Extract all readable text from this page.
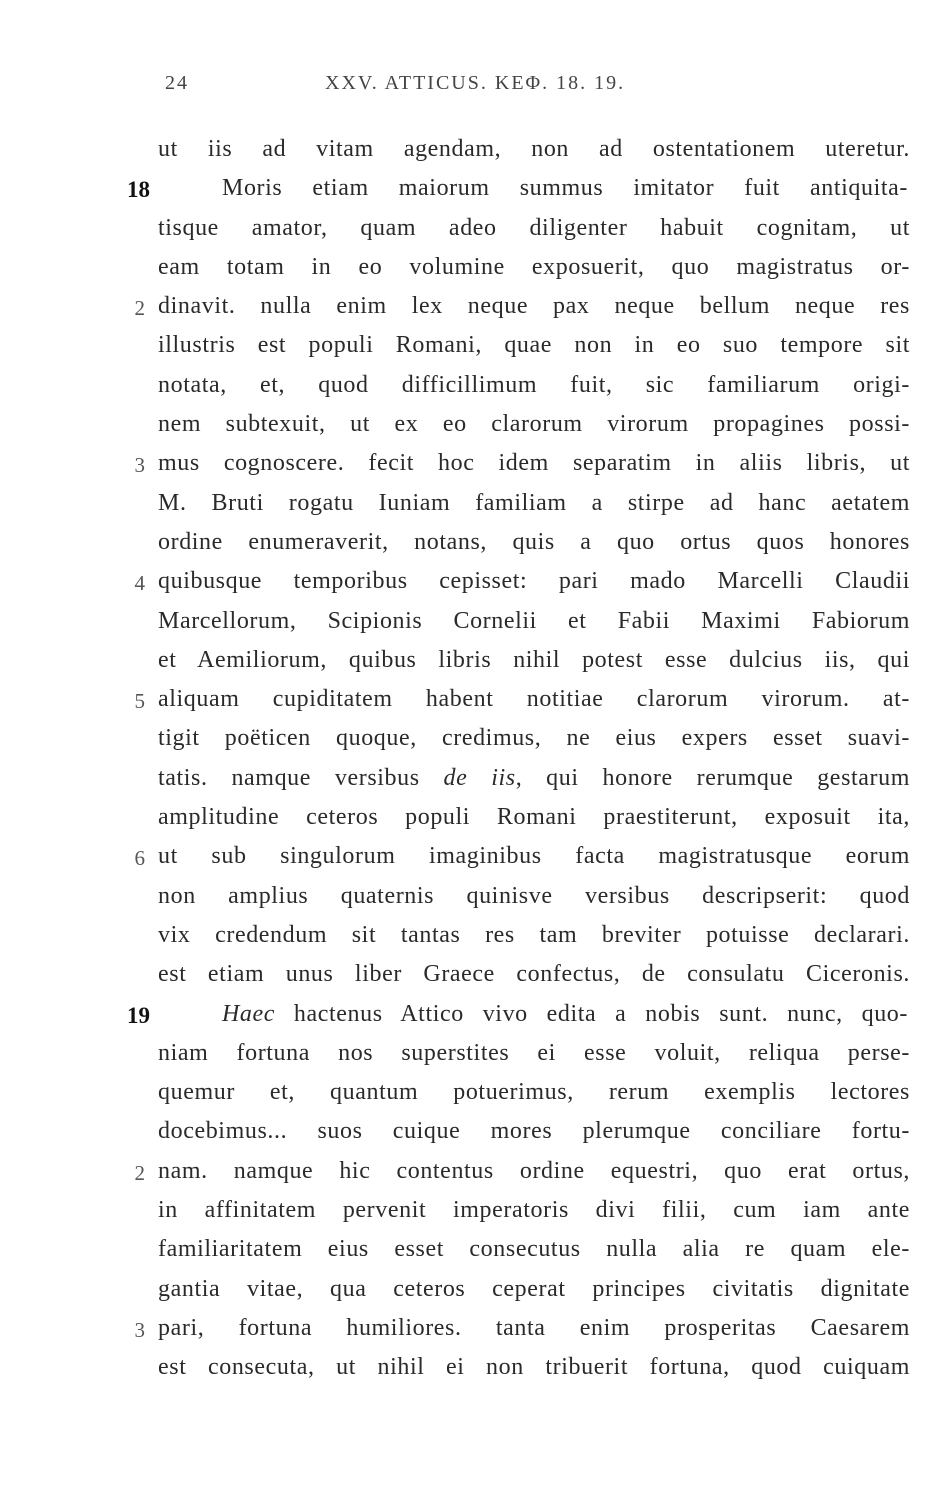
24	XXV. ATTICUS. ΚΕΦ. 18. 19.
ut iis ad vitam agendam, non ad ostentationem uteretur.
18	Moris etiam maiorum summus imitator fuit antiquita-
tisque amator, quam adeo diligenter habuit cognitam, ut
eam totam in eo volumine exposuerit, quo magistratus or-
2 dinavit. nulla enim lex neque pax neque bellum neque res
illustris est populi Romani, quae non in eo suo tempore sit
notata, et, quod difficillimum fuit, sic familiarum origi-
nem subtexuit, ut ex eo clarorum virorum propagines possi-
3 mus cognoscere. fecit hoc idem separatim in aliis libris, ut
M. Bruti rogatu Iuniam familiam a stirpe ad hanc aetatem
ordine enumeraverit, notans, quis a quo ortus quos honores
4 quibusque temporibus cepisset: pari mado Marcelli Claudii
Marcellorum, Scipionis Cornelii et Fabii Maximi Fabiorum
et Aemiliorum, quibus libris nihil potest esse dulcius iis, qui
5 aliquam cupiditatem habent notitiae clarorum virorum. at-
tigit poëticen quoque, credimus, ne eius expers esset suavi-
tatis. namque versibus de iis, qui honore rerumque gestarum
amplitudine ceteros populi Romani praestiterunt, exposuit ita,
6 ut sub singulorum imaginibus facta magistratusque eorum
non amplius quaternis quinisve versibus descripserit: quod
vix credendum sit tantas res tam breviter potuisse declarari.
est etiam unus liber Graece confectus, de consulatu Ciceronis.
19	Haec hactenus Attico vivo edita a nobis sunt. nunc, quo-
niam fortuna nos superstites ei esse voluit, reliqua perse-
quemur et, quantum potuerimus, rerum exemplis lectores
docebimus... suos cuique mores plerumque conciliare fortu-
2 nam. namque hic contentus ordine equestri, quo erat ortus,
in affinitatem pervenit imperatoris divi filii, cum iam ante
familiaritatem eius esset consecutus nulla alia re quam ele-
gantia vitae, qua ceteros ceperat principes civitatis dignitate
3 pari, fortuna humiliores. tanta enim prosperitas Caesarem
est consecuta, ut nihil ei non tribuerit fortuna, quod cuiquam
